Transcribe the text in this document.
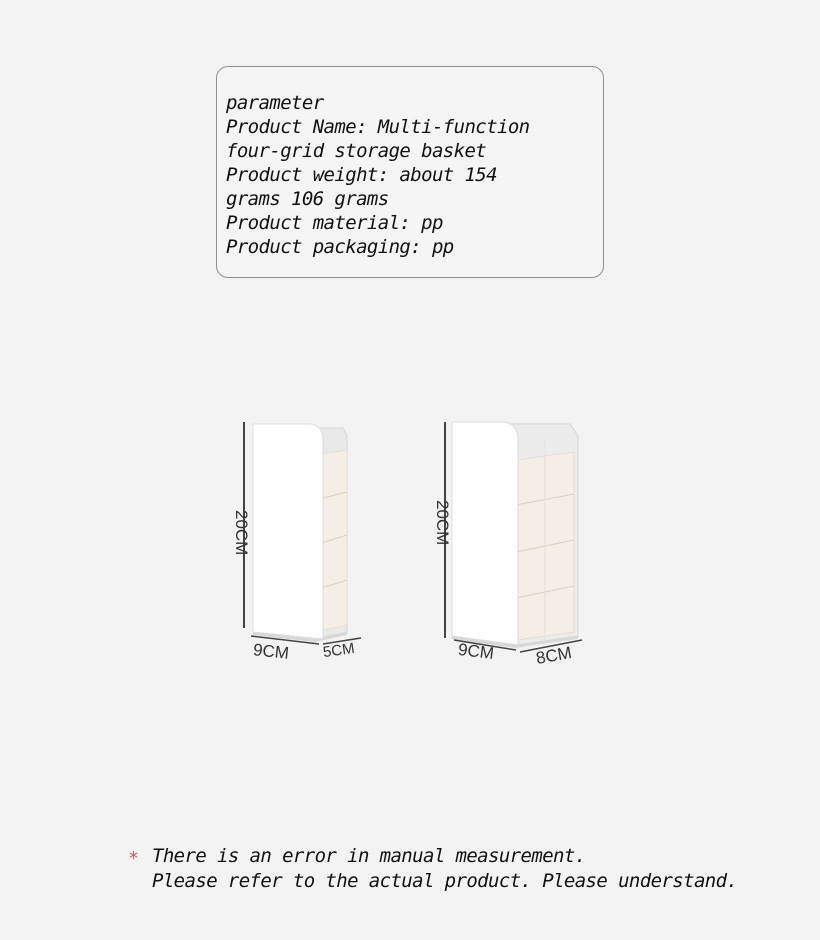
parameter
Product Name: Multi-function
four-grid storage basket
Product weight: about 154
grams 106 grams
Product material: pp
Product packaging: pp
20CM
9CM 5CM
20CM
9CM 8CM
* There is an error in manual measurement.
Please refer to the actual product. Please understand.
